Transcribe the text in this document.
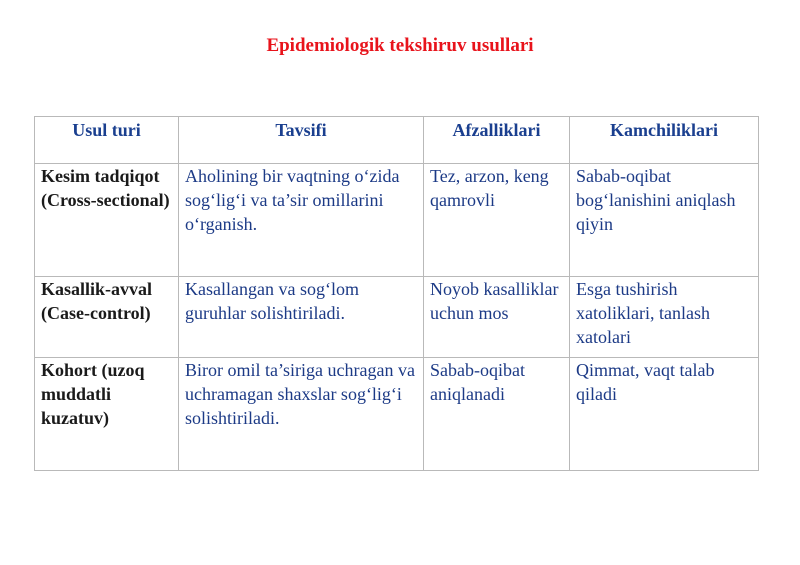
Epidemiologik tekshiruv usullari
Usul turi	Tavsifi	Afzalliklari	Kamchiliklari

Kesim tadqiqot (Cross-sectional)	Aholining bir vaqtning o‘zida sog‘lig‘i va ta’sir omillarini o‘rganish.	Tez, arzon, keng qamrovli	Sabab-oqibat bog‘lanishini aniqlash qiyin

Kasallik-avval (Case-control)	Kasallangan va sog‘lom guruhlar solishtiriladi.	Noyob kasalliklar uchun mos	Esga tushirish xatoliklari, tanlash xatolari

Kohort (uzoq muddatli kuzatuv)	Biror omil ta’siriga uchragan va uchramagan shaxslar sog‘lig‘i solishtiriladi.	Sabab-oqibat aniqlanadi	Qimmat, vaqt talab qiladi
